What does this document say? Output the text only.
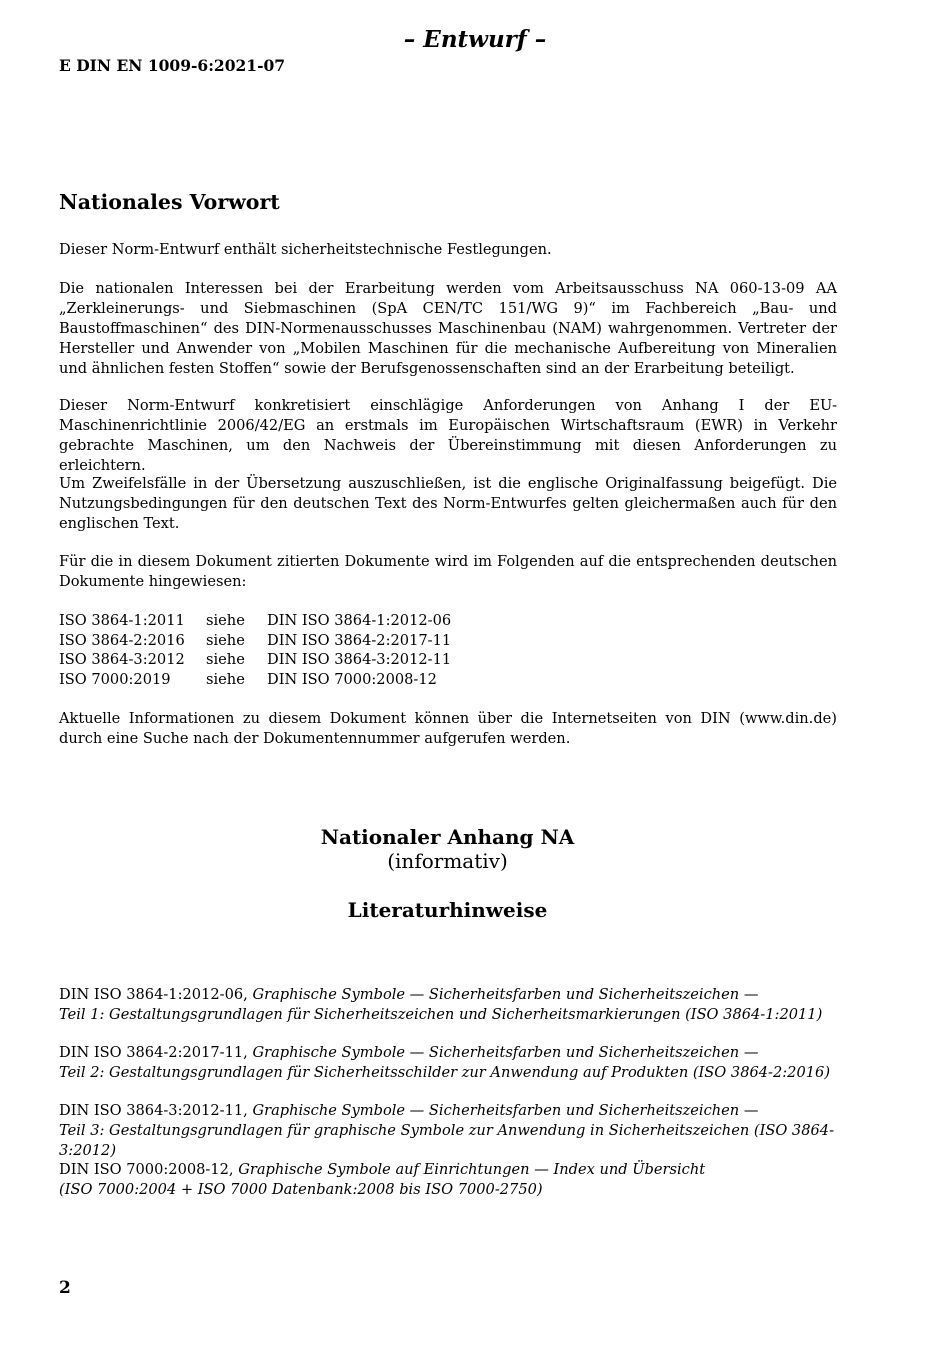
– Entwurf –
E DIN EN 1009-6:2021-07
Nationales Vorwort

Dieser Norm-Entwurf enthält sicherheitstechnische Festlegungen.

Die nationalen Interessen bei der Erarbeitung werden vom Arbeitsausschuss NA 060-13-09 AA „Zerkleinerungs- und Siebmaschinen (SpA CEN/TC 151/WG 9)“ im Fachbereich „Bau- und Baustoffmaschinen“ des DIN-Normenausschusses Maschinenbau (NAM) wahrgenommen. Vertreter der Hersteller und Anwender von „Mobilen Maschinen für die mechanische Aufbereitung von Mineralien und ähnlichen festen Stoffen“ sowie der Berufsgenossenschaften sind an der Erarbeitung beteiligt.

Dieser Norm-Entwurf konkretisiert einschlägige Anforderungen von Anhang I der EU-Maschinenrichtlinie 2006/42/EG an erstmals im Europäischen Wirtschaftsraum (EWR) in Verkehr gebrachte Maschinen, um den Nachweis der Übereinstimmung mit diesen Anforderungen zu erleichtern.

Um Zweifelsfälle in der Übersetzung auszuschließen, ist die englische Originalfassung beigefügt. Die Nutzungsbedingungen für den deutschen Text des Norm-Entwurfes gelten gleichermaßen auch für den englischen Text.

Für die in diesem Dokument zitierten Dokumente wird im Folgenden auf die entsprechenden deutschen Dokumente hingewiesen:

ISO 3864-1:2011	siehe	DIN ISO 3864-1:2012-06
ISO 3864-2:2016	siehe	DIN ISO 3864-2:2017-11
ISO 3864-3:2012	siehe	DIN ISO 3864-3:2012-11
ISO 7000:2019	siehe	DIN ISO 7000:2008-12

Aktuelle Informationen zu diesem Dokument können über die Internetseiten von DIN (www.din.de) durch eine Suche nach der Dokumentennummer aufgerufen werden.

Nationaler Anhang NA
(informativ)
Literaturhinweise
DIN ISO 3864-1:2012-06, Graphische Symbole — Sicherheitsfarben und Sicherheitszeichen —
Teil 1: Gestaltungsgrundlagen für Sicherheitszeichen und Sicherheitsmarkierungen (ISO 3864-1:2011)
DIN ISO 3864-2:2017-11, Graphische Symbole — Sicherheitsfarben und Sicherheitszeichen —
Teil 2: Gestaltungsgrundlagen für Sicherheitsschilder zur Anwendung auf Produkten (ISO 3864-2:2016)
DIN ISO 3864-3:2012-11, Graphische Symbole — Sicherheitsfarben und Sicherheitszeichen —
Teil 3: Gestaltungsgrundlagen für graphische Symbole zur Anwendung in Sicherheitszeichen (ISO 3864-3:2012)
DIN ISO 7000:2008-12, Graphische Symbole auf Einrichtungen — Index und Übersicht
(ISO 7000:2004 + ISO 7000 Datenbank:2008 bis ISO 7000-2750)
2
